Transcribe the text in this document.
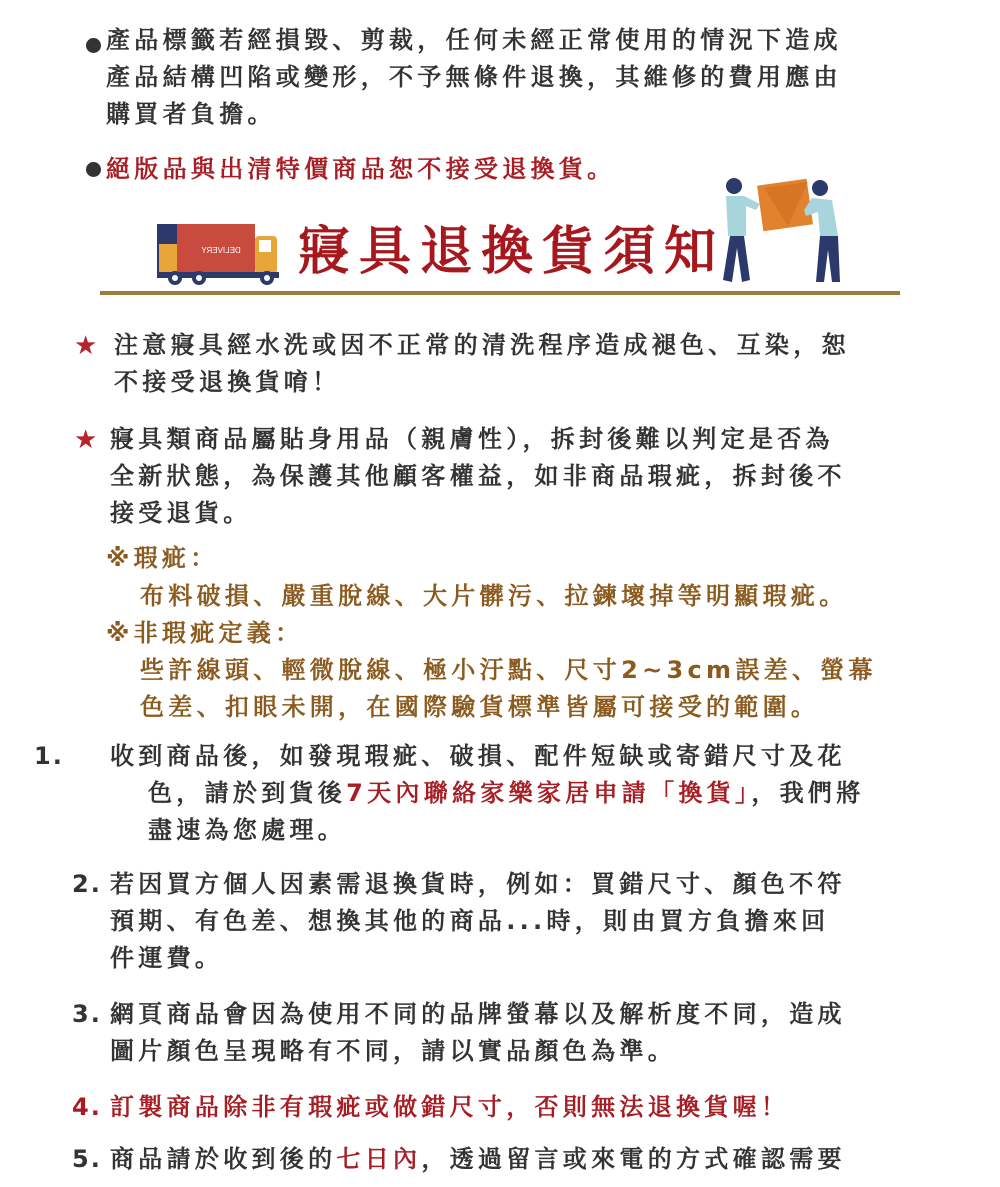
產品標籤若經損毀、剪裁，任何未經正常使用的情況下造成
產品結構凹陷或變形，不予無條件退換，其維修的費用應由
購買者負擔。
絕版品與出清特價商品恕不接受退換貨。
DELIVERY 寢具退換貨須知
★ 注意寢具經水洗或因不正常的清洗程序造成褪色、互染，恕
不接受退換貨唷！
★ 寢具類商品屬貼身用品（親膚性），拆封後難以判定是否為
全新狀態，為保護其他顧客權益，如非商品瑕疵，拆封後不
接受退貨。
※瑕疵：
布料破損、嚴重脫線、大片髒污、拉鍊壞掉等明顯瑕疵。
※非瑕疵定義：
些許線頭、輕微脫線、極小汙點、尺寸2~3cm誤差、螢幕
色差、扣眼未開，在國際驗貨標準皆屬可接受的範圍。
1. 收到商品後，如發現瑕疵、破損、配件短缺或寄錯尺寸及花
色，請於到貨後7天內聯絡家樂家居申請「換貨」，我們將
盡速為您處理。
2. 若因買方個人因素需退換貨時，例如：買錯尺寸、顏色不符
預期、有色差、想換其他的商品...時，則由買方負擔來回
件運費。
3. 網頁商品會因為使用不同的品牌螢幕以及解析度不同，造成
圖片顏色呈現略有不同，請以實品顏色為準。
4. 訂製商品除非有瑕疵或做錯尺寸，否則無法退換貨喔！
5. 商品請於收到後的七日內，透過留言或來電的方式確認需要
